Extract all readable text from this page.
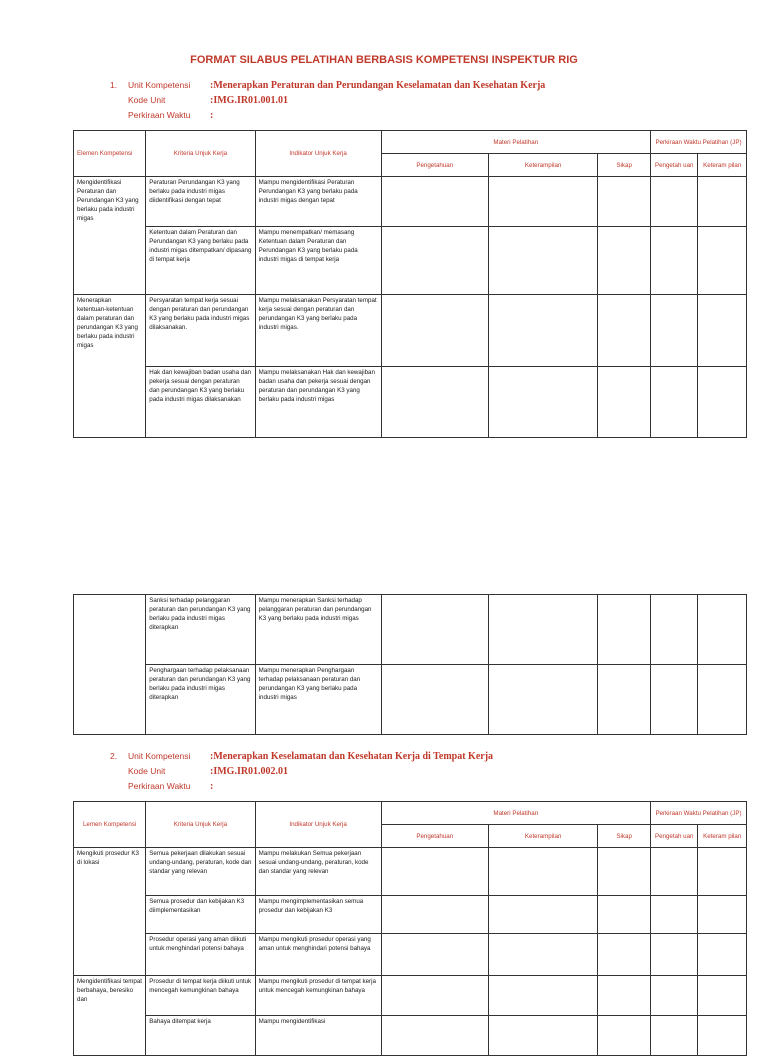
FORMAT SILABUS PELATIHAN BERBASIS KOMPETENSI INSPEKTUR RIG
1.	Unit Kompetensi	:Menerapkan Peraturan dan Perundangan Keselamatan dan Kesehatan Kerja
Kode Unit	:IMG.IR01.001.01
Perkiraan Waktu	:
Elemen Kompetensi	Kriteria Unjuk Kerja	Indikator Unjuk Kerja	Materi Pelatihan			Perkiraan Waktu Pelatihan (JP)	
			Pengetahuan	Keterampilan	Sikap	Pengetah uan	Keteram pilan
Mengidentifikasi Peraturan dan Perundangan K3 yang berlaku pada industri migas	Peraturan Perundangan K3 yang berlaku pada industri migas diidentifikasi dengan tepat	Mampu mengidentifikasi Peraturan Perundangan K3 yang berlaku pada industri migas dengan tepat					
	Ketentuan dalam Peraturan dan Perundangan K3 yang berlaku pada industri migas ditempatkan/ dipasang di tempat kerja	Mampu menempatkan/ memasang Ketentuan dalam Peraturan dan Perundangan K3 yang berlaku pada industri migas di tempat kerja					
Menerapkan ketentuan-ketentuan dalam peraturan dan perundangan K3 yang berlaku pada industri migas	Persyaratan tempat kerja sesuai dengan peraturan dan perundangan K3 yang berlaku pada industri migas dilaksanakan.	Mampu melaksanakan Persyaratan tempat kerja sesuai dengan peraturan dan perundangan K3 yang berlaku pada industri migas.					
	Hak dan kewajiban badan usaha dan pekerja sesuai dengan peraturan dan perundangan K3 yang berlaku pada industri migas dilaksanakan	Mampu melaksanakan Hak dan kewajiban badan usaha dan pekerja sesuai dengan peraturan dan perundangan K3 yang berlaku pada industri migas					
	Sanksi terhadap pelanggaran peraturan dan perundangan K3 yang berlaku pada industri migas diterapkan	Mampu menerapkan Sanksi terhadap pelanggaran peraturan dan perundangan K3 yang berlaku pada industri migas					
	Penghargaan terhadap pelaksanaan peraturan dan perundangan K3 yang berlaku pada industri migas diterapkan	Mampu menerapkan Penghargaan terhadap pelaksanaan peraturan dan perundangan K3 yang berlaku pada industri migas					
2.	Unit Kompetensi	:Menerapkan Keselamatan dan Kesehatan Kerja di Tempat Kerja
Kode Unit	:IMG.IR01.002.01
Perkiraan Waktu	:
Lemen Kompetensi	Kriteria Unjuk Kerja	Indikator Unjuk Kerja	Materi Pelatihan			Perkiraan Waktu Pelatihan (JP)	
			Pengetahuan	Keterampilan	Sikap	Pengetah uan	Keteram pilan
Mengikuti prosedur K3 di lokasi	Semua pekerjaan dilakukan sesuai undang-undang, peraturan, kode dan standar yang relevan	Mampu melakukan Semua pekerjaan sesuai undang-undang, peraturan, kode dan standar yang relevan					
	Semua prosedur dan kebijakan K3 diimplementasikan	Mampu mengimplementasikan semua prosedur dan kebijakan K3					
	Prosedur operasi yang aman diikuti untuk menghindari potensi bahaya	Mampu mengikuti prosedur operasi yang aman untuk menghindari potensi bahaya					
Mengidentifikasi tempat berbahaya, beresiko dan	Prosedur di tempat kerja diikuti untuk mencegah kemungkinan bahaya	Mampu mengikuti prosedur di tempat kerja untuk mencegah kemungkinan bahaya					
	Bahaya ditempat kerja	Mampu mengidentifikasi					
